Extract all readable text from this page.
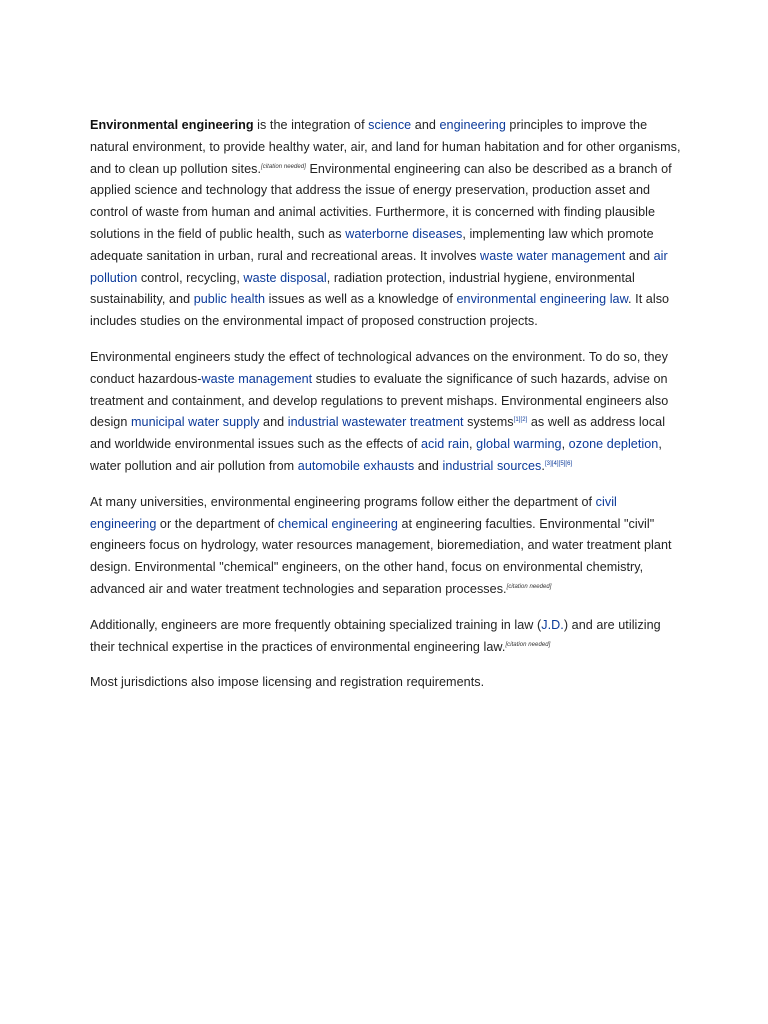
Environmental engineering is the integration of science and engineering principles to improve the natural environment, to provide healthy water, air, and land for human habitation and for other organisms, and to clean up pollution sites.[citation needed] Environmental engineering can also be described as a branch of applied science and technology that address the issue of energy preservation, production asset and control of waste from human and animal activities. Furthermore, it is concerned with finding plausible solutions in the field of public health, such as waterborne diseases, implementing law which promote adequate sanitation in urban, rural and recreational areas. It involves waste water management and air pollution control, recycling, waste disposal, radiation protection, industrial hygiene, environmental sustainability, and public health issues as well as a knowledge of environmental engineering law. It also includes studies on the environmental impact of proposed construction projects.

Environmental engineers study the effect of technological advances on the environment. To do so, they conduct hazardous-waste management studies to evaluate the significance of such hazards, advise on treatment and containment, and develop regulations to prevent mishaps. Environmental engineers also design municipal water supply and industrial wastewater treatment systems[1][2] as well as address local and worldwide environmental issues such as the effects of acid rain, global warming, ozone depletion, water pollution and air pollution from automobile exhausts and industrial sources.[3][4][5][6]

At many universities, environmental engineering programs follow either the department of civil engineering or the department of chemical engineering at engineering faculties. Environmental "civil" engineers focus on hydrology, water resources management, bioremediation, and water treatment plant design. Environmental "chemical" engineers, on the other hand, focus on environmental chemistry, advanced air and water treatment technologies and separation processes.[citation needed]

Additionally, engineers are more frequently obtaining specialized training in law (J.D.) and are utilizing their technical expertise in the practices of environmental engineering law.[citation needed]

Most jurisdictions also impose licensing and registration requirements.
